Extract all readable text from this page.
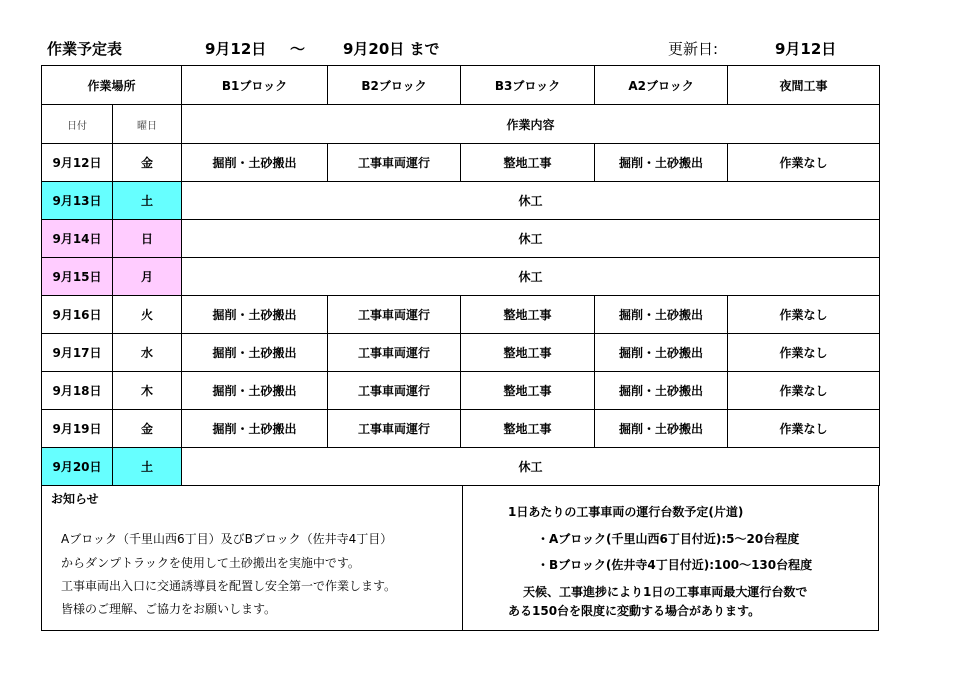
作業予定表	9月12日 ～	9月20日 まで	更新日:	9月12日
作業場所		B1ブロック	B2ブロック	B3ブロック	A2ブロック	夜間工事
日付	曜日	作業内容				
9月12日	金	掘削・土砂搬出	工事車両運行	整地工事	掘削・土砂搬出	作業なし
9月13日	土	休工				
9月14日	日	休工				
9月15日	月	休工				
9月16日	火	掘削・土砂搬出	工事車両運行	整地工事	掘削・土砂搬出	作業なし
9月17日	水	掘削・土砂搬出	工事車両運行	整地工事	掘削・土砂搬出	作業なし
9月18日	木	掘削・土砂搬出	工事車両運行	整地工事	掘削・土砂搬出	作業なし
9月19日	金	掘削・土砂搬出	工事車両運行	整地工事	掘削・土砂搬出	作業なし
9月20日	土	休工				
お知らせ
Aブロック（千里山西6丁目）及びBブロック（佐井寺4丁目）
からダンプトラックを使用して土砂搬出を実施中です。
工事車両出入口に交通誘導員を配置し安全第一で作業します。
皆様のご理解、ご協力をお願いします。
1日あたりの工事車両の運行台数予定(片道)
・Aブロック(千里山西6丁目付近):5～20台程度
・Bブロック(佐井寺4丁目付近):100～130台程度
天候、工事進捗により1日の工事車両最大運行台数で
ある150台を限度に変動する場合があります。
